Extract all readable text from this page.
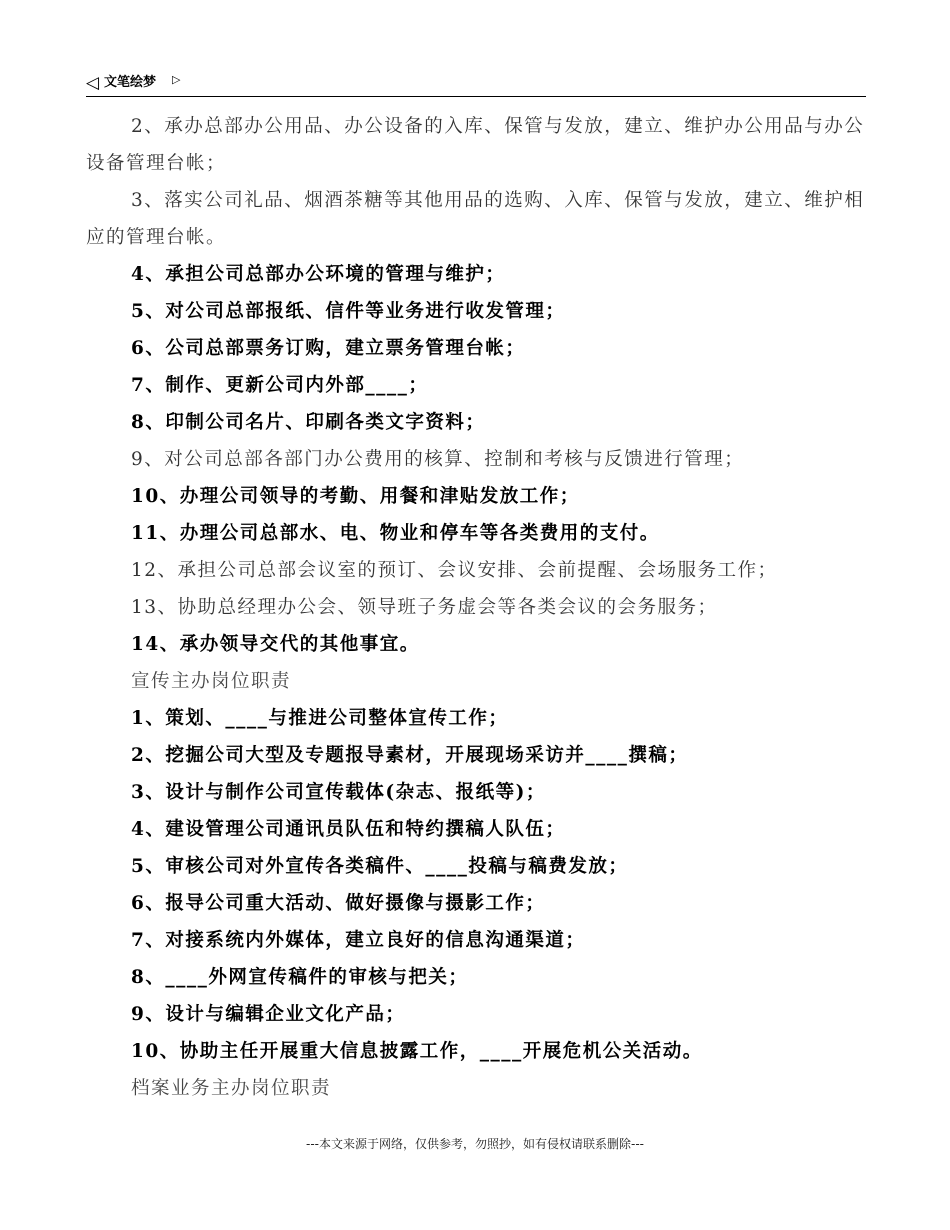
◁ 文笔绘梦 ▷

2、承办总部办公用品、办公设备的入库、保管与发放，建立、维护办公用品与办公设备管理台帐；

3、落实公司礼品、烟酒茶糖等其他用品的选购、入库、保管与发放，建立、维护相应的管理台帐。

4、承担公司总部办公环境的管理与维护；

5、对公司总部报纸、信件等业务进行收发管理；

6、公司总部票务订购，建立票务管理台帐；

7、制作、更新公司内外部____；

8、印制公司名片、印刷各类文字资料；

9、对公司总部各部门办公费用的核算、控制和考核与反馈进行管理；

10、办理公司领导的考勤、用餐和津贴发放工作；

11、办理公司总部水、电、物业和停车等各类费用的支付。

12、承担公司总部会议室的预订、会议安排、会前提醒、会场服务工作；

13、协助总经理办公会、领导班子务虚会等各类会议的会务服务；

14、承办领导交代的其他事宜。

宣传主办岗位职责

1、策划、____与推进公司整体宣传工作；

2、挖掘公司大型及专题报导素材，开展现场采访并____撰稿；

3、设计与制作公司宣传载体(杂志、报纸等)；

4、建设管理公司通讯员队伍和特约撰稿人队伍；

5、审核公司对外宣传各类稿件、____投稿与稿费发放；

6、报导公司重大活动、做好摄像与摄影工作；

7、对接系统内外媒体，建立良好的信息沟通渠道；

8、____外网宣传稿件的审核与把关；

9、设计与编辑企业文化产品；

10、协助主任开展重大信息披露工作，____开展危机公关活动。

档案业务主办岗位职责

---本文来源于网络，仅供参考，勿照抄，如有侵权请联系删除---
